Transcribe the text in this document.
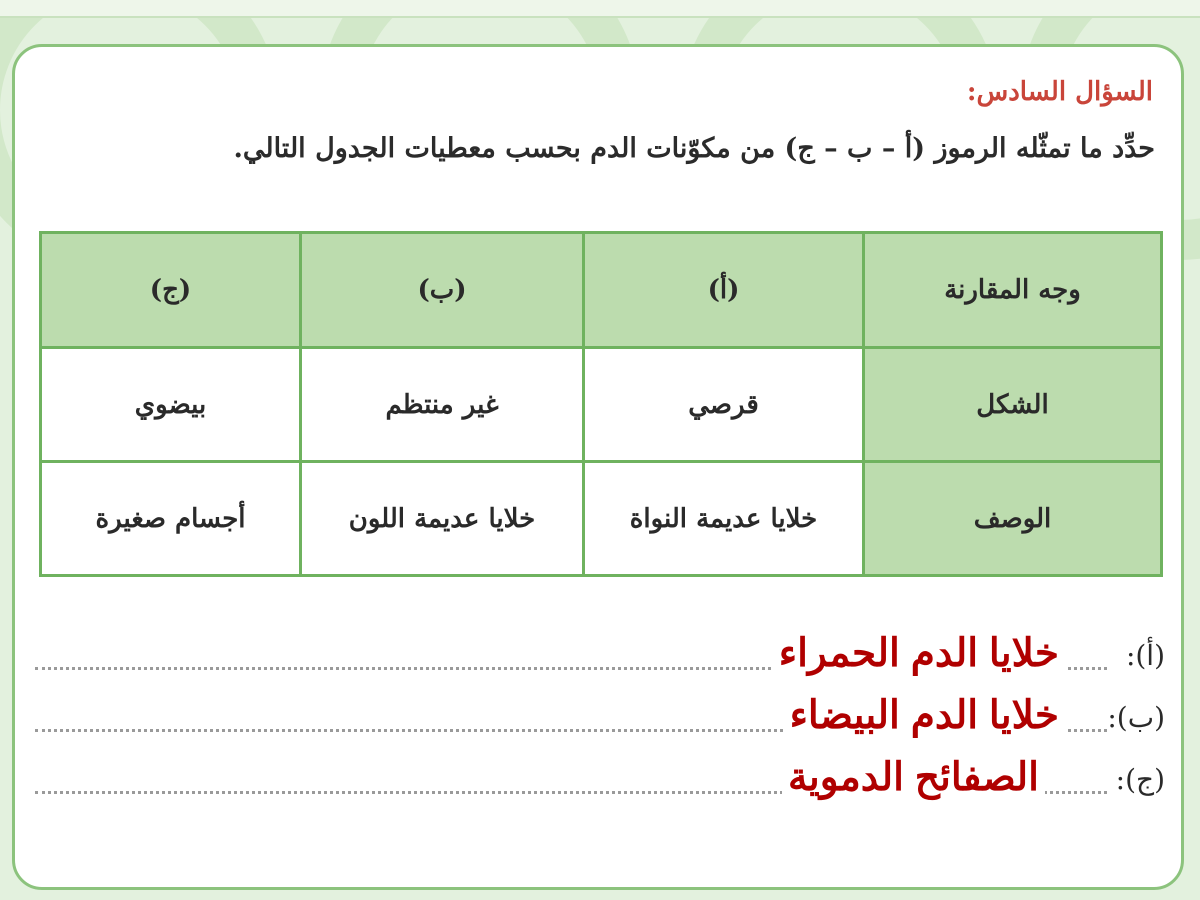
السؤال السادس:
حدِّد ما تمثّله الرموز (أ – ب – ج) من مكوّنات الدم بحسب معطيات الجدول التالي.
وجه المقارنة	(أ)	(ب)	(ج)
الشكل	قرصي	غير منتظم	بيضوي
الوصف	خلايا عديمة النواة	خلايا عديمة اللون	أجسام صغيرة
(أ):
خلايا الدم الحمراء
(ب):
خلايا الدم البيضاء
(ج):
الصفائح الدموية
